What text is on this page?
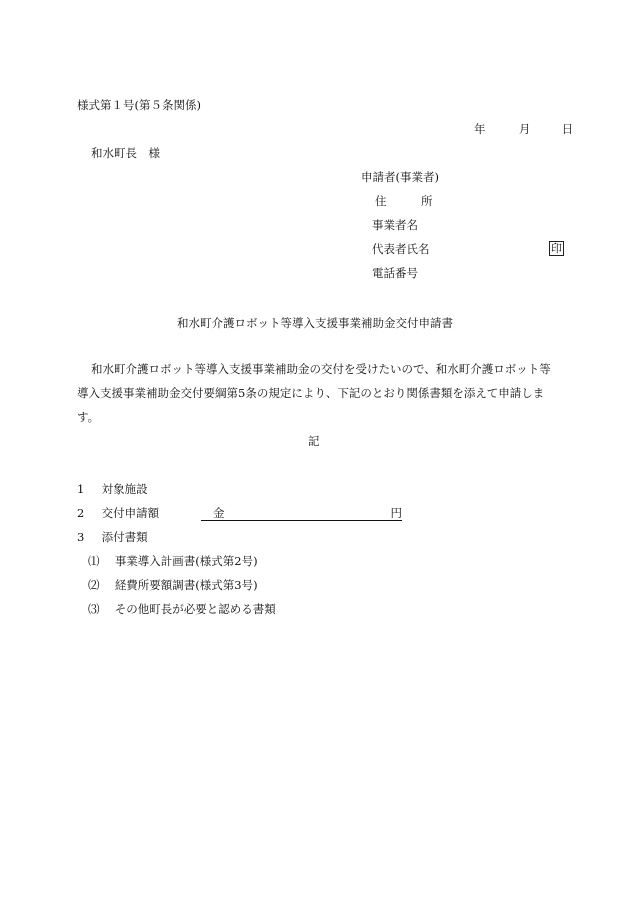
様式第１号(第５条関係)
年	月	日
和水町長　様
申請者(事業者)
住　　　所
事業者名
代表者氏名	印
電話番号
和水町介護ロボット等導入支援事業補助金交付申請書
和水町介護ロボット等導入支援事業補助金の交付を受けたいので、和水町介護ロボット等
導入支援事業補助金交付要綱第5条の規定により、下記のとおり関係書類を添えて申請しま
す。
記
1 対象施設
2 交付申請額	金	円
3 添付書類
⑴ 事業導入計画書(様式第2号)
⑵ 経費所要額調書(様式第3号)
⑶ その他町長が必要と認める書類
